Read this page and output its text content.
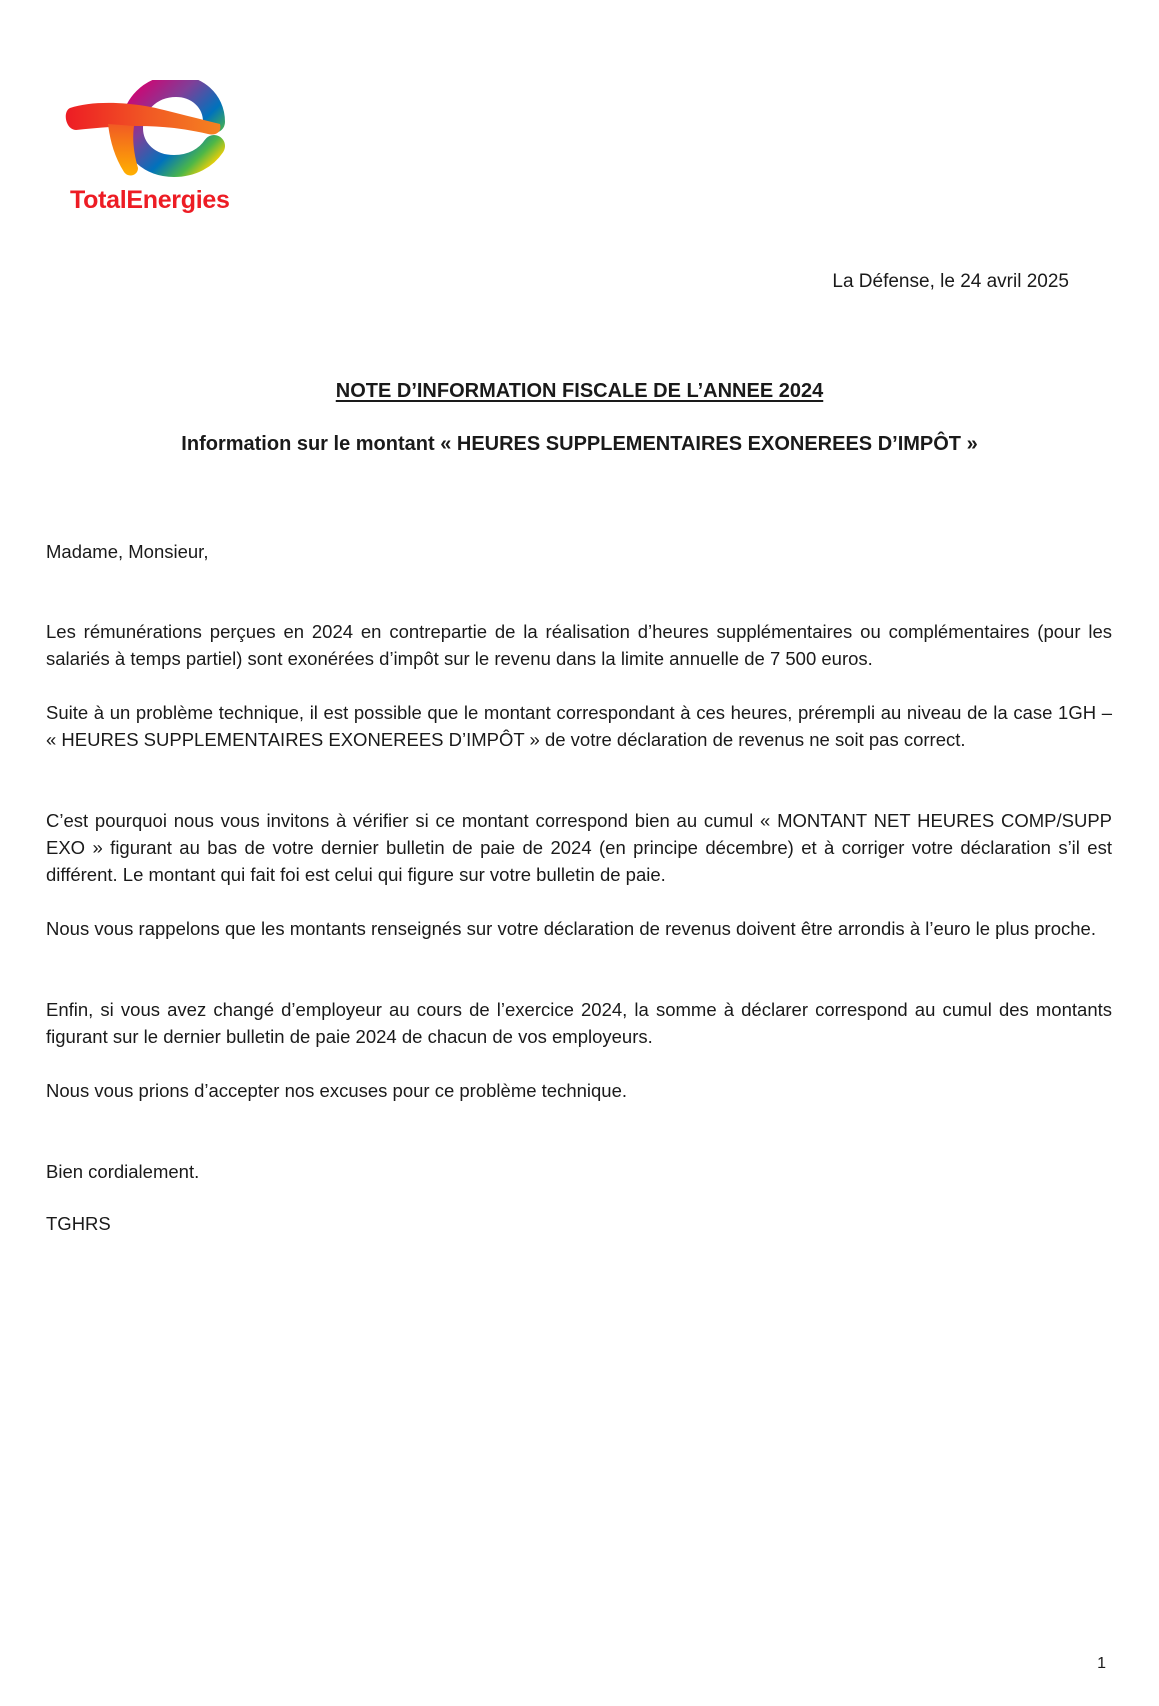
TotalEnergies
La Défense, le 24 avril 2025
NOTE D’INFORMATION FISCALE DE L’ANNEE 2024
Information sur le montant « HEURES SUPPLEMENTAIRES EXONEREES D’IMPÔT »
Madame, Monsieur,
Les rémunérations perçues en 2024 en contrepartie de la réalisation d’heures supplémentaires ou complémentaires (pour les salariés à temps partiel) sont exonérées d’impôt sur le revenu dans la limite annuelle de 7 500 euros.
Suite à un problème technique, il est possible que le montant correspondant à ces heures, prérempli au niveau de la case 1GH – « HEURES SUPPLEMENTAIRES EXONEREES D’IMPÔT » de votre déclaration de revenus ne soit pas correct.
C’est pourquoi nous vous invitons à vérifier si ce montant correspond bien au cumul « MONTANT NET HEURES COMP/SUPP EXO » figurant au bas de votre dernier bulletin de paie de 2024 (en principe décembre) et à corriger votre déclaration s’il est différent. Le montant qui fait foi est celui qui figure sur votre bulletin de paie.
Nous vous rappelons que les montants renseignés sur votre déclaration de revenus doivent être arrondis à l’euro le plus proche.
Enfin, si vous avez changé d’employeur au cours de l’exercice 2024, la somme à déclarer correspond au cumul des montants figurant sur le dernier bulletin de paie 2024 de chacun de vos employeurs.
Nous vous prions d’accepter nos excuses pour ce problème technique.
Bien cordialement.
TGHRS
1
